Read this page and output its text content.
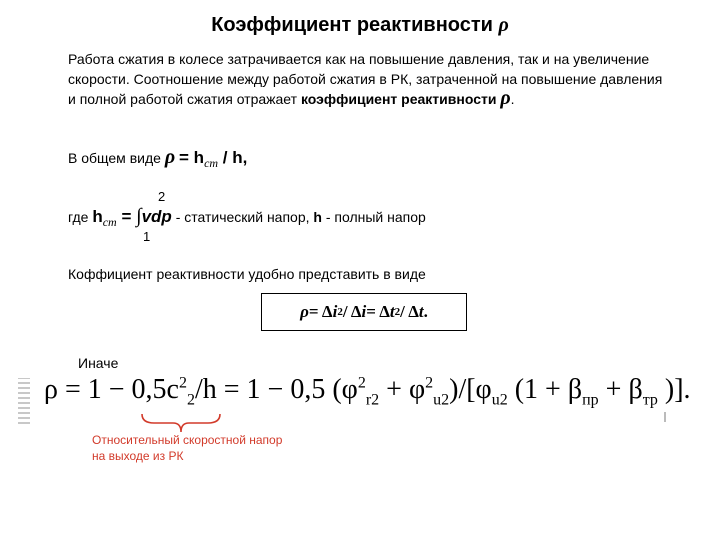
Коэффициент реактивности ρ
Работа сжатия в колесе затрачивается как на повышение давления, так и на увеличение скорости. Соотношение между работой сжатия в РК, затраченной на повышение давления и полной работой сжатия отражает коэффициент реактивности ρ.
В общем виде ρ = hcm / h,
2
1
где hcm = ∫vdp - статический напор, h - полный напор
Коффициент реактивности удобно представить в виде
ρ = Δ i 2 / Δ i = Δ t 2 / Δ t .
Иначе
$\rho = 1 - 0,5c^2_2/h = 1 - 0,5$ $(\varphi^2_{r2} + \varphi^2_{u2})/[\varphi_{u2}$ ($1 + \beta_{пр} + \beta_{тр}$ )].
Относительный скоростной напор на выходе из РК
